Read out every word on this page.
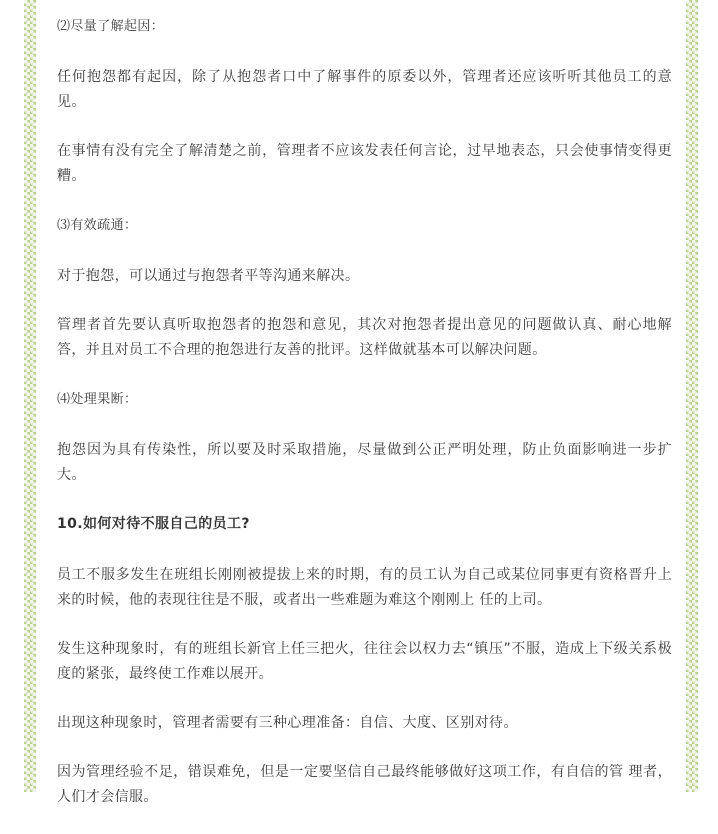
⑵尽量了解起因：

任何抱怨都有起因，除了从抱怨者口中了解事件的原委以外，管理者还应该听听其他员工的意见。

在事情有没有完全了解清楚之前，管理者不应该发表任何言论，过早地表态，只会使事情变得更糟。

⑶有效疏通：

对于抱怨，可以通过与抱怨者平等沟通来解决。

管理者首先要认真听取抱怨者的抱怨和意见，其次对抱怨者提出意见的问题做认真、耐心地解答，并且对员工不合理的抱怨进行友善的批评。这样做就基本可以解决问题。

⑷处理果断：

抱怨因为具有传染性，所以要及时采取措施，尽量做到公正严明处理，防止负面影响进一步扩大。

10.如何对待不服自己的员工?

员工不服多发生在班组长刚刚被提拔上来的时期，有的员工认为自己或某位同事更有资格晋升上来的时候，他的表现往往是不服，或者出一些难题为难这个刚刚上 任的上司。

发生这种现象时，有的班组长新官上任三把火，往往会以权力去“镇压”不服，造成上下级关系极度的紧张，最终使工作难以展开。

出现这种现象时，管理者需要有三种心理准备：自信、大度、区别对待。

因为管理经验不足，错误难免，但是一定要坚信自己最终能够做好这项工作，有自信的管 理者，人们才会信服。
